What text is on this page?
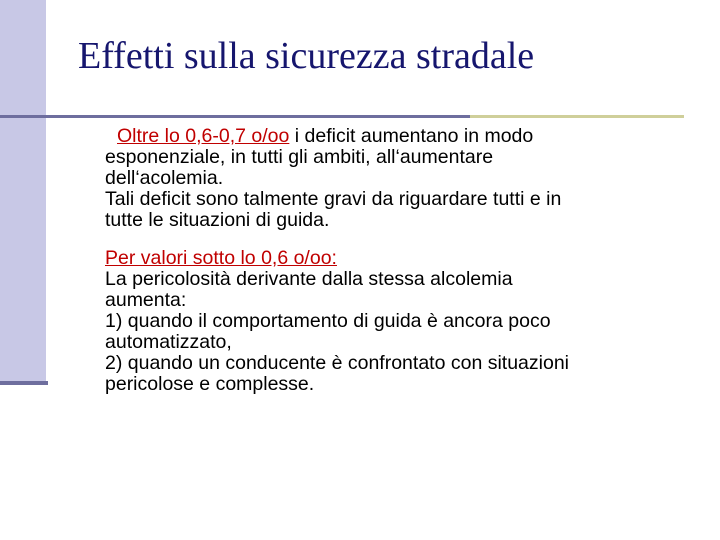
Effetti sulla sicurezza stradale

Oltre lo 0,6-0,7 o/oo i deficit aumentano in modo

esponenziale, in tutti gli ambiti, all‘aumentare

dell‘acolemia.

Tali deficit sono talmente gravi da riguardare tutti e in

tutte le situazioni di guida.

Per valori sotto lo 0,6 o/oo:

La pericolosità derivante dalla stessa alcolemia

aumenta:

1) quando il comportamento di guida è ancora poco

automatizzato,

2) quando un conducente è confrontato con situazioni

pericolose e complesse.
